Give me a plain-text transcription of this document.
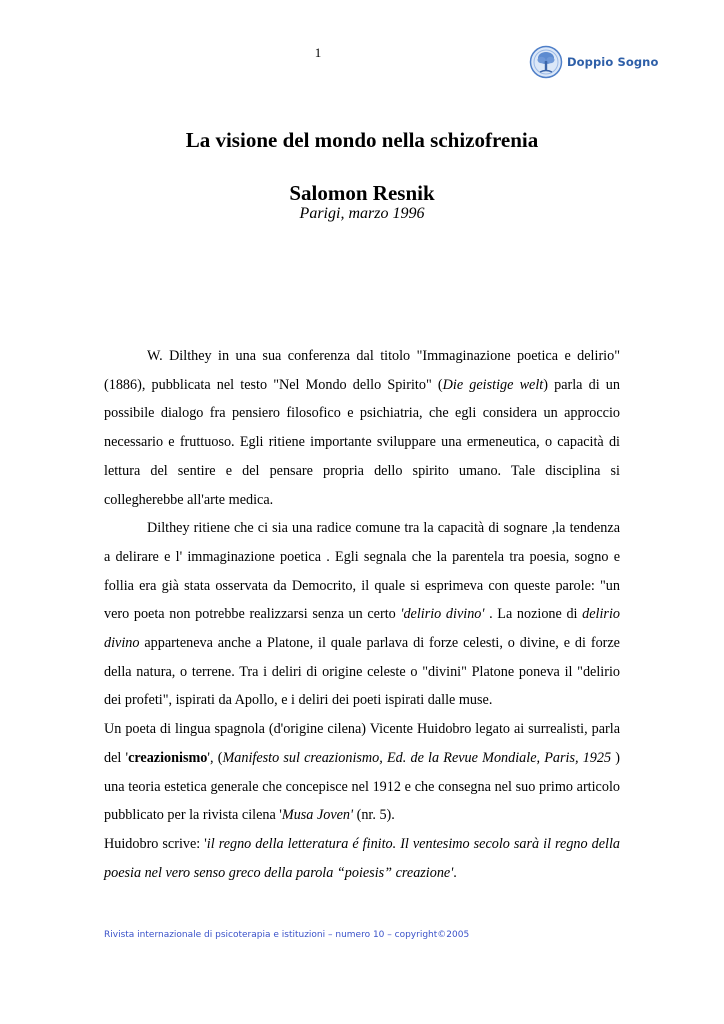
1
Doppio Sogno
La visione del mondo nella schizofrenia
Salomon Resnik
Parigi, marzo 1996

W. Dilthey in una sua conferenza dal titolo "Immaginazione poetica e delirio"(1886), pubblicata nel testo "Nel Mondo dello Spirito" (Die geistige welt) parla di un possibile dialogo fra pensiero filosofico e psichiatria, che egli considera un approccio necessario e fruttuoso. Egli ritiene importante sviluppare una ermeneutica, o capacità di lettura del sentire e del pensare propria dello spirito umano. Tale disciplina si collegherebbe all'arte medica.

Dilthey ritiene che ci sia una radice comune tra la capacità di sognare ,la tendenza a delirare e l' immaginazione poetica . Egli segnala che la parentela tra poesia, sogno e follia era già stata osservata da Democrito, il quale si esprimeva con queste parole: "un vero poeta non potrebbe realizzarsi senza un certo 'delirio divino' . La nozione di delirio divino apparteneva anche a Platone, il quale parlava di forze celesti, o divine, e di forze della natura, o terrene. Tra i deliri di origine celeste o "divini" Platone poneva il "delirio dei profeti", ispirati da Apollo, e i deliri dei poeti ispirati dalle muse.

Un poeta di lingua spagnola (d'origine cilena) Vicente Huidobro legato ai surrealisti, parla del 'creazionismo', (Manifesto sul creazionismo, Ed. de la Revue Mondiale, Paris, 1925 ) una teoria estetica generale che concepisce nel 1912 e che consegna nel suo primo articolo pubblicato per la rivista cilena 'Musa Joven' (nr. 5).

Huidobro scrive: 'il regno della letteratura é finito. Il ventesimo secolo sarà il regno della poesia nel vero senso greco della parola “poiesis” creazione'.

Rivista internazionale di psicoterapia e istituzioni – numero 10 – copyright©2005
